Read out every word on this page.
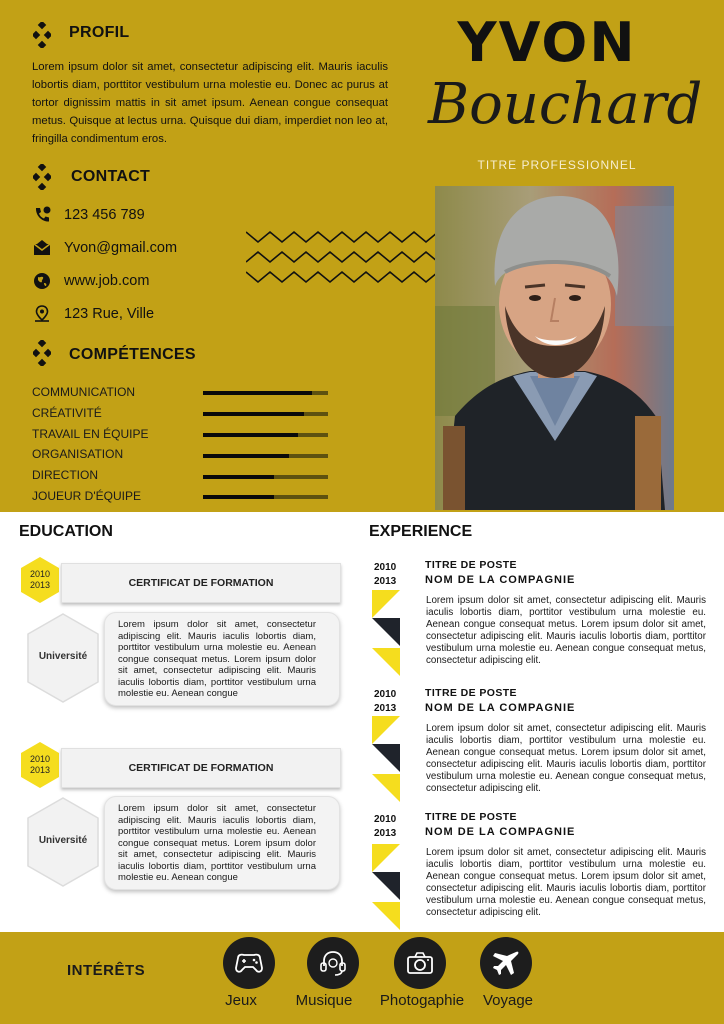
PROFIL
Lorem ipsum dolor sit amet, consectetur adipiscing elit. Mauris iaculis lobortis diam, porttitor vestibulum urna molestie eu. Donec ac purus at tortor dignissim mattis in sit amet ipsum. Aenean congue consequat metus. Quisque at lectus urna. Quisque dui diam, imperdiet non leo at, fringilla condimentum eros.
CONTACT
123 456 789
Yvon@gmail.com
www.job.com
123 Rue, Ville
COMPÉTENCES
COMMUNICATION
CRÉATIVITÉ
TRAVAIL EN ÉQUIPE
ORGANISATION
DIRECTION
JOUEUR D'ÉQUIPE
YVON
Bouchard
TITRE PROFESSIONNEL
EDUCATION
2010
2013	CERTIFICAT DE FORMATION
Université
Lorem ipsum dolor sit amet, consectetur adipiscing elit. Mauris iaculis lobortis diam, porttitor vestibulum urna molestie eu. Aenean congue consequat metus. Lorem ipsum dolor sit amet, consectetur adipiscing elit. Mauris iaculis lobortis diam, porttitor vestibulum urna molestie eu. Aenean congue
2010
2013	CERTIFICAT DE FORMATION
Université
Lorem ipsum dolor sit amet, consectetur adipiscing elit. Mauris iaculis lobortis diam, porttitor vestibulum urna molestie eu. Aenean congue consequat metus. Lorem ipsum dolor sit amet, consectetur adipiscing elit. Mauris iaculis lobortis diam, porttitor vestibulum urna molestie eu. Aenean congue
EXPERIENCE
2010
2013
TITRE DE POSTE
NOM DE LA COMPAGNIE
Lorem ipsum dolor sit amet, consectetur adipiscing elit. Mauris iaculis lobortis diam, porttitor vestibulum urna molestie eu. Aenean congue consequat metus. Lorem ipsum dolor sit amet, consectetur adipiscing elit. Mauris iaculis lobortis diam, porttitor vestibulum urna molestie eu. Aenean congue consequat metus, consectetur adipiscing elit.
2010
2013
TITRE DE POSTE
NOM DE LA COMPAGNIE
Lorem ipsum dolor sit amet, consectetur adipiscing elit. Mauris iaculis lobortis diam, porttitor vestibulum urna molestie eu. Aenean congue consequat metus. Lorem ipsum dolor sit amet, consectetur adipiscing elit. Mauris iaculis lobortis diam, porttitor vestibulum urna molestie eu. Aenean congue consequat metus, consectetur adipiscing elit.
2010
2013
TITRE DE POSTE
NOM DE LA COMPAGNIE
Lorem ipsum dolor sit amet, consectetur adipiscing elit. Mauris iaculis lobortis diam, porttitor vestibulum urna molestie eu. Aenean congue consequat metus. Lorem ipsum dolor sit amet, consectetur adipiscing elit. Mauris iaculis lobortis diam, porttitor vestibulum urna molestie eu. Aenean congue consequat metus, consectetur adipiscing elit.
INTÉRÊTS
Jeux	Musique	Photogaphie	Voyage
